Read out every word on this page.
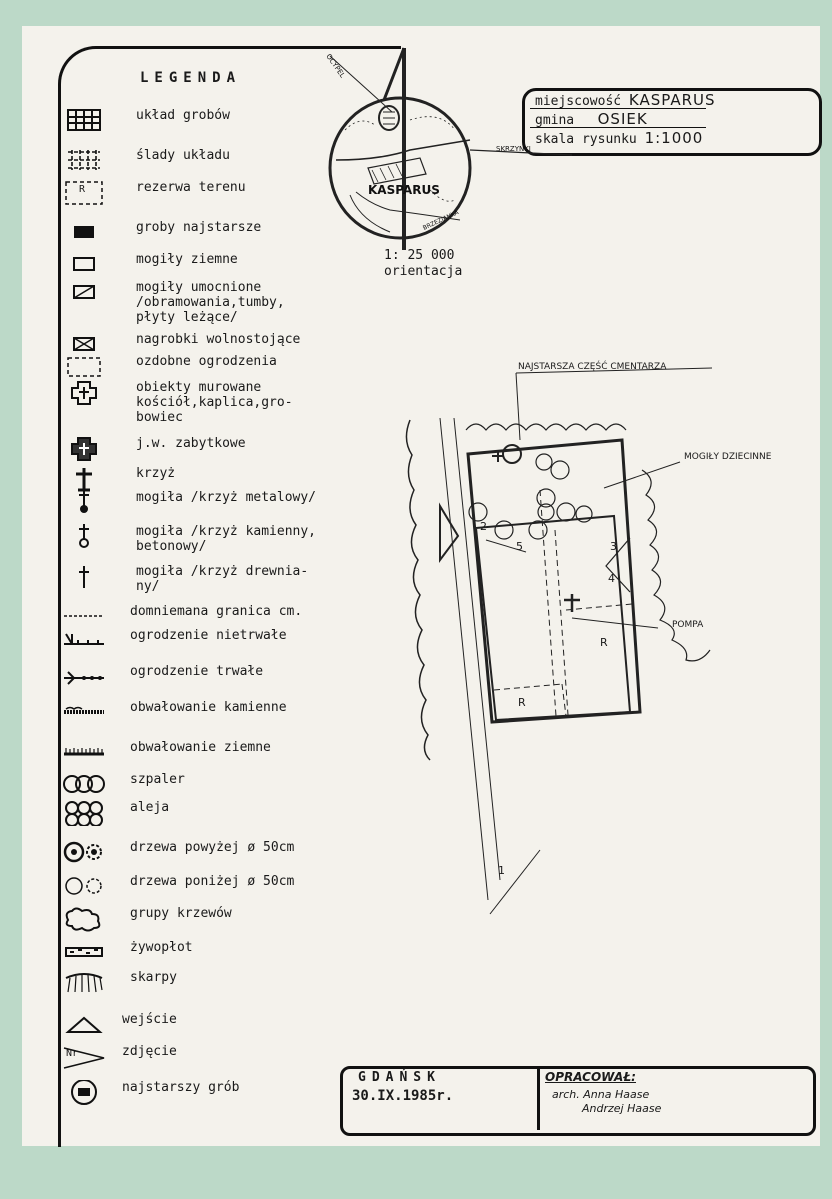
LEGENDA
układ grobów
ślady układu
R	rezerwa terenu
groby najstarsze
mogiły ziemne
mogiły umocnione
/obramowania,tumby,
płyty leżące/
nagrobki wolnostojące
ozdobne ogrodzenia
obiekty murowane
kościół,kaplica,gro-
bowiec
j.w. zabytkowe
krzyż
mogiła /krzyż metalowy/
mogiła /krzyż kamienny,
betonowy/
mogiła /krzyż drewnia-
ny/
domniemana granica cm.
ogrodzenie nietrwałe
ogrodzenie trwałe
obwałowanie kamienne
obwałowanie ziemne
szpaler
aleja
drzewa powyżej ø 50cm
drzewa poniżej ø 50cm
grupy krzewów
żywopłot
skarpy
wejście
Nr	zdjęcie
najstarszy grób
miejscowość KASPARUS
gmina OSIEK
skala rysunku 1:1000
KASPARUS
OCYPEL
SKRZYNKI
BRZEZIANKA
NAJSTARSZA CZĘŚĆ CMENTARZA
MOGIŁY DZIECINNE
POMPA
R
R
1
2
3
4
5
1: 25 000
orientacja
GDAŃSK
30.IX.1985r.
OPRACOWAŁ:
arch. Anna Haase
Andrzej Haase
